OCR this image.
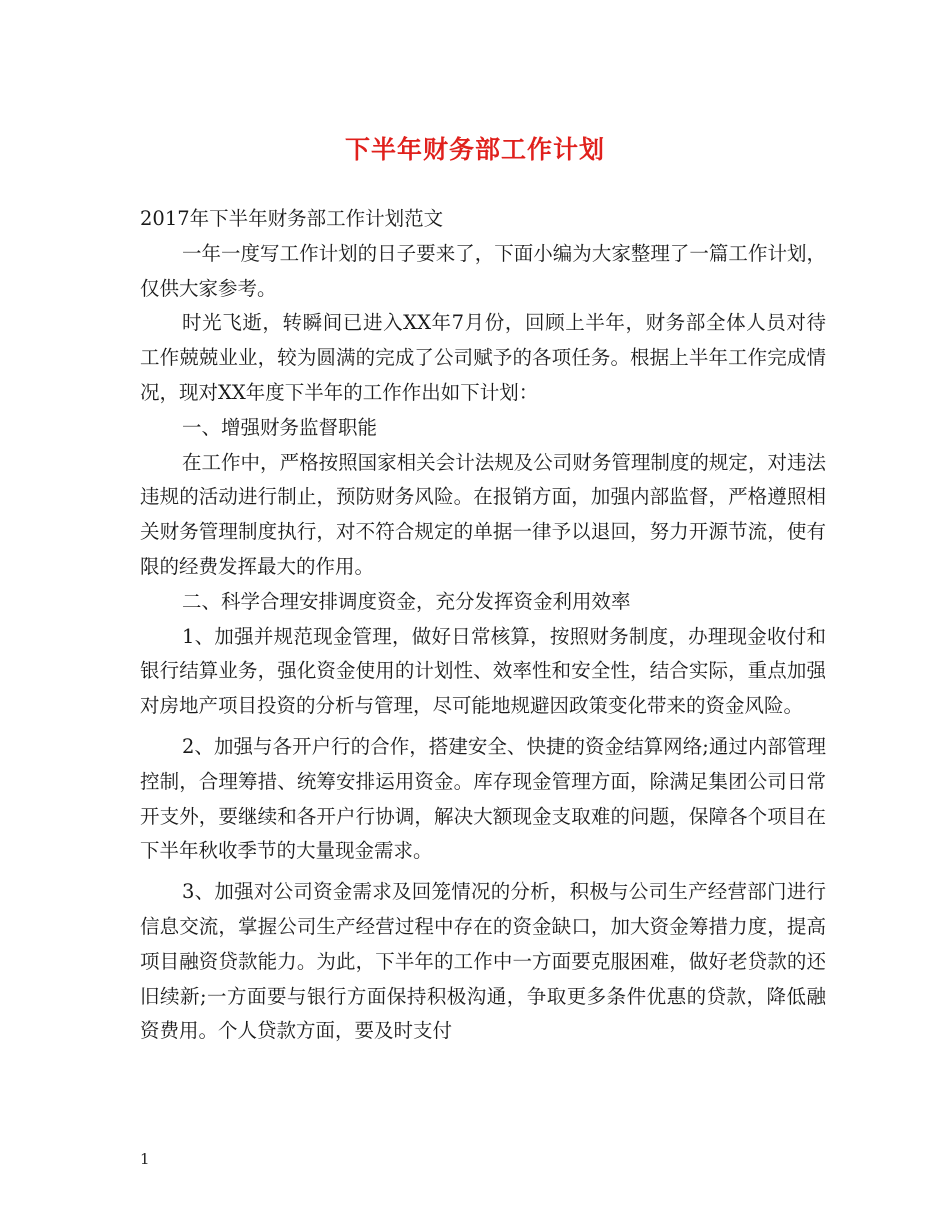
下半年财务部工作计划

2017年下半年财务部工作计划范文

一年一度写工作计划的日子要来了，下面小编为大家整理了一篇工作计划，仅供大家参考。

时光飞逝，转瞬间已进入XX年7月份，回顾上半年，财务部全体人员对待工作兢兢业业，较为圆满的完成了公司赋予的各项任务。根据上半年工作完成情况，现对XX年度下半年的工作作出如下计划：

一、增强财务监督职能

在工作中，严格按照国家相关会计法规及公司财务管理制度的规定，对违法违规的活动进行制止，预防财务风险。在报销方面，加强内部监督，严格遵照相关财务管理制度执行，对不符合规定的单据一律予以退回，努力开源节流，使有限的经费发挥最大的作用。

二、科学合理安排调度资金，充分发挥资金利用效率

1、加强并规范现金管理，做好日常核算，按照财务制度，办理现金收付和银行结算业务，强化资金使用的计划性、效率性和安全性，结合实际，重点加强对房地产项目投资的分析与管理，尽可能地规避因政策变化带来的资金风险。

2、加强与各开户行的合作，搭建安全、快捷的资金结算网络;通过内部管理控制，合理筹措、统筹安排运用资金。库存现金管理方面，除满足集团公司日常开支外，要继续和各开户行协调，解决大额现金支取难的问题，保障各个项目在下半年秋收季节的大量现金需求。

3、加强对公司资金需求及回笼情况的分析，积极与公司生产经营部门进行信息交流，掌握公司生产经营过程中存在的资金缺口，加大资金筹措力度，提高项目融资贷款能力。为此，下半年的工作中一方面要克服困难，做好老贷款的还旧续新;一方面要与银行方面保持积极沟通，争取更多条件优惠的贷款，降低融资费用。个人贷款方面，要及时支付

1
